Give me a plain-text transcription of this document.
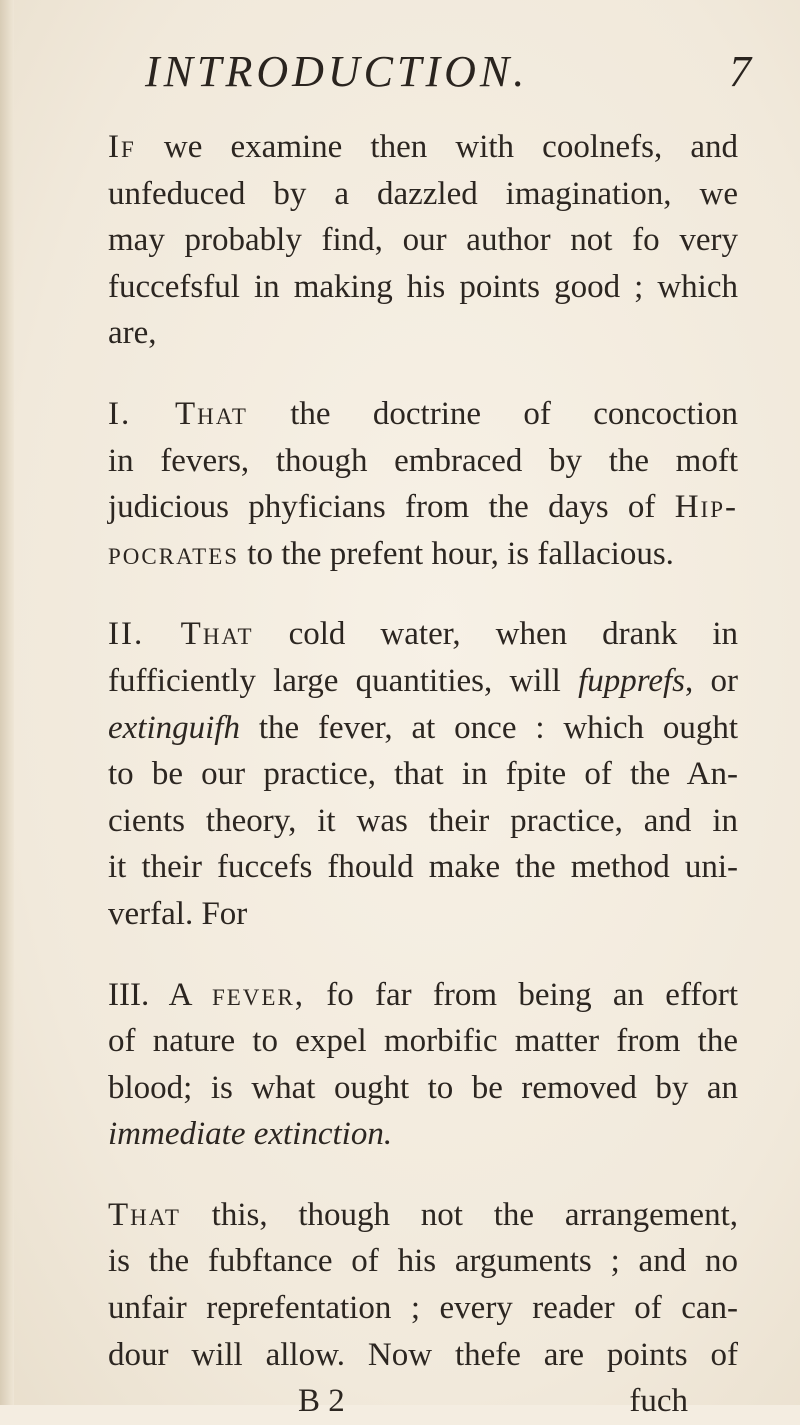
INTRODUCTION.	7

If we examine then with coolnefs, and
unfeduced by a dazzled imagination, we
may probably find, our author not fo very
fuccefsful in making his points good ; which
are,

I. That the doctrine of concoction
in fevers, though embraced by the moft
judicious phyficians from the days of Hip-
pocrates to the prefent hour, is fallacious.

II. That cold water, when drank in
fufficiently large quantities, will fupprefs, or
extinguifh the fever, at once : which ought
to be our practice, that in fpite of the An-
cients theory, it was their practice, and in
it their fuccefs fhould make the method uni-
verfal. For

III. A fever, fo far from being an effort
of nature to expel morbific matter from the
blood; is what ought to be removed by an
immediate extinction.

That this, though not the arrangement,
is the fubftance of his arguments ; and no
unfair reprefentation ; every reader of can-
dour will allow. Now thefe are points of
B 2	fuch
